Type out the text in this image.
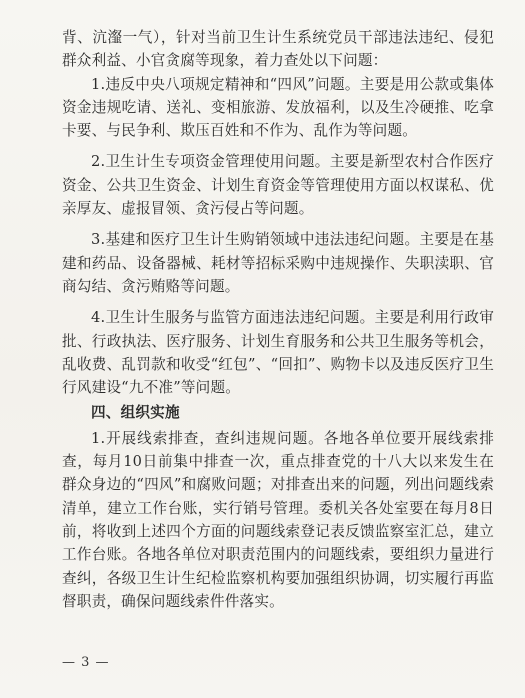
背、沆瀣一气），针对当前卫生计生系统党员干部违法违纪、侵犯群众利益、小官贪腐等现象，着力查处以下问题：

1.违反中央八项规定精神和“四风”问题。主要是用公款或集体资金违规吃请、送礼、变相旅游、发放福利，以及生冷硬推、吃拿卡要、与民争利、欺压百姓和不作为、乱作为等问题。

2.卫生计生专项资金管理使用问题。主要是新型农村合作医疗资金、公共卫生资金、计划生育资金等管理使用方面以权谋私、优亲厚友、虚报冒领、贪污侵占等问题。

3.基建和医疗卫生计生购销领域中违法违纪问题。主要是在基建和药品、设备器械、耗材等招标采购中违规操作、失职渎职、官商勾结、贪污贿赂等问题。

4.卫生计生服务与监管方面违法违纪问题。主要是利用行政审批、行政执法、医疗服务、计划生育服务和公共卫生服务等机会，乱收费、乱罚款和收受“红包”、“回扣”、购物卡以及违反医疗卫生行风建设“九不准”等问题。

四、组织实施

1.开展线索排查，查纠违规问题。各地各单位要开展线索排查，每月10日前集中排查一次，重点排查党的十八大以来发生在群众身边的“四风”和腐败问题；对排查出来的问题，列出问题线索清单，建立工作台账，实行销号管理。委机关各处室要在每月8日前，将收到上述四个方面的问题线索登记表反馈监察室汇总，建立工作台账。各地各单位对职责范围内的问题线索，要组织力量进行查纠，各级卫生计生纪检监察机构要加强组织协调，切实履行再监督职责，确保问题线索件件落实。

— 3 —
